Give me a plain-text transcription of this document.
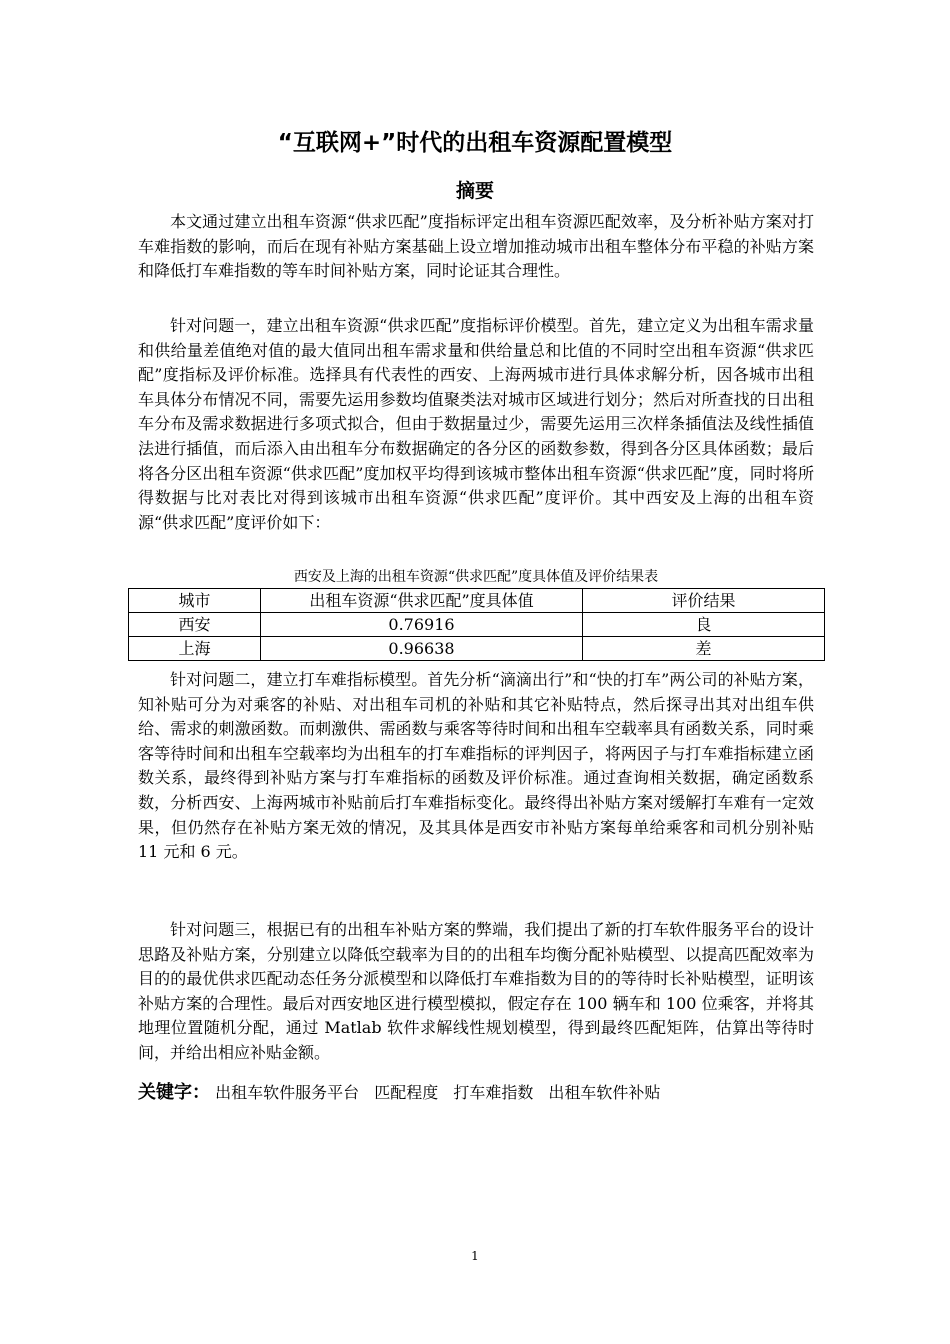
“互联网+”时代的出租车资源配置模型
摘要

本文通过建立出租车资源“供求匹配”度指标评定出租车资源匹配效率，及分析补贴方案对打车难指数的影响，而后在现有补贴方案基础上设立增加推动城市出租车整体分布平稳的补贴方案和降低打车难指数的等车时间补贴方案，同时论证其合理性。

针对问题一，建立出租车资源“供求匹配”度指标评价模型。首先，建立定义为出租车需求量和供给量差值绝对值的最大值同出租车需求量和供给量总和比值的不同时空出租车资源“供求匹配”度指标及评价标准。选择具有代表性的西安、上海两城市进行具体求解分析，因各城市出租车具体分布情况不同，需要先运用参数均值聚类法对城市区域进行划分；然后对所查找的日出租车分布及需求数据进行多项式拟合，但由于数据量过少，需要先运用三次样条插值法及线性插值法进行插值，而后添入由出租车分布数据确定的各分区的函数参数，得到各分区具体函数；最后将各分区出租车资源“供求匹配”度加权平均得到该城市整体出租车资源“供求匹配”度，同时将所得数据与比对表比对得到该城市出租车资源“供求匹配”度评价。其中西安及上海的出租车资源“供求匹配”度评价如下：

西安及上海的出租车资源“供求匹配”度具体值及评价结果表
城市	出租车资源“供求匹配”度具体值	评价结果
西安	0.76916	良
上海	0.96638	差

针对问题二，建立打车难指标模型。首先分析“滴滴出行”和“快的打车”两公司的补贴方案，知补贴可分为对乘客的补贴、对出租车司机的补贴和其它补贴特点，然后探寻出其对出组车供给、需求的刺激函数。而刺激供、需函数与乘客等待时间和出租车空载率具有函数关系，同时乘客等待时间和出租车空载率均为出租车的打车难指标的评判因子，将两因子与打车难指标建立函数关系，最终得到补贴方案与打车难指标的函数及评价标准。通过查询相关数据，确定函数系数，分析西安、上海两城市补贴前后打车难指标变化。最终得出补贴方案对缓解打车难有一定效果，但仍然存在补贴方案无效的情况，及其具体是西安市补贴方案每单给乘客和司机分别补贴 11 元和 6 元。

针对问题三，根据已有的出租车补贴方案的弊端，我们提出了新的打车软件服务平台的设计思路及补贴方案，分别建立以降低空载率为目的的出租车均衡分配补贴模型、以提高匹配效率为目的的最优供求匹配动态任务分派模型和以降低打车难指数为目的的等待时长补贴模型，证明该补贴方案的合理性。最后对西安地区进行模型模拟，假定存在 100 辆车和 100 位乘客，并将其地理位置随机分配，通过 Matlab 软件求解线性规划模型，得到最终匹配矩阵，估算出等待时间，并给出相应补贴金额。

关键字： 出租车软件服务平台 匹配程度 打车难指数 出租车软件补贴
1
